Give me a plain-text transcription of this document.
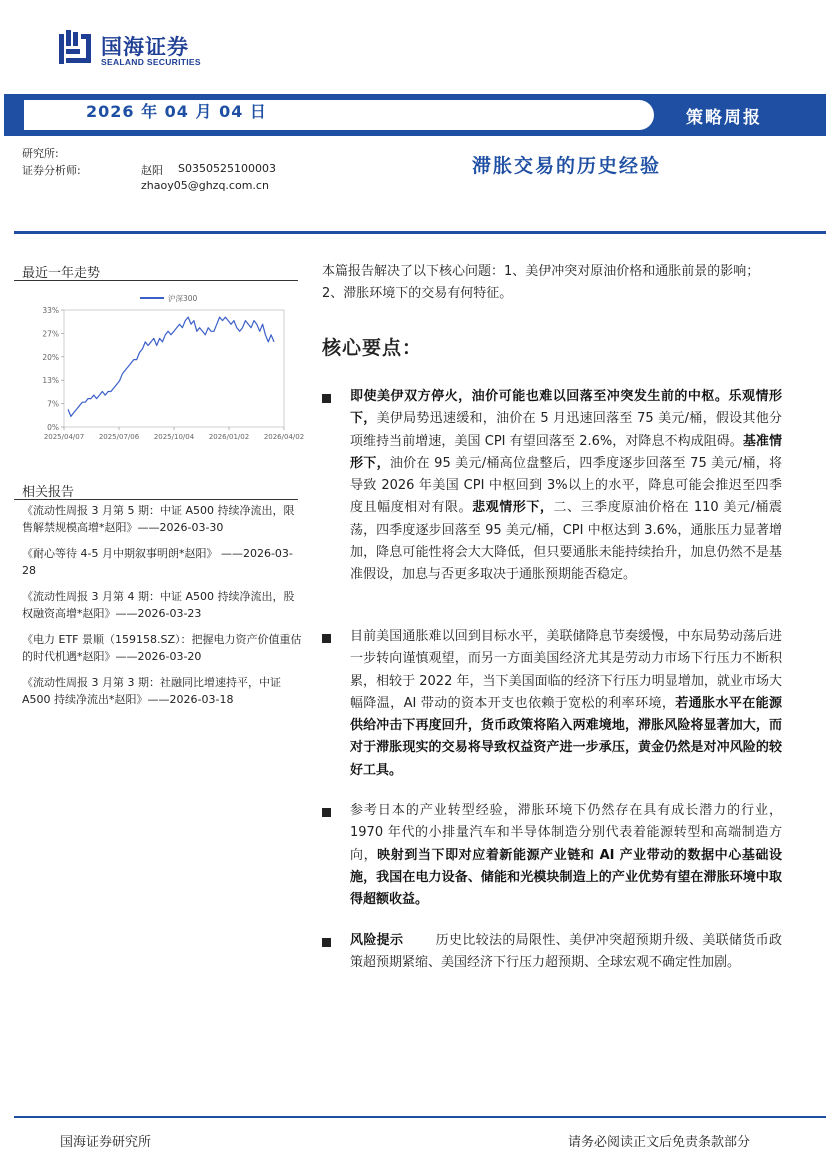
国海证券
SEALAND SECURITIES
2026 年 04 月 04 日	策略周报
研究所:
证券分析师:	赵阳 S0350525100003
zhaoy05@ghzq.com.cn
滞胀交易的历史经验
最近一年走势
0%
7%
13%
20%
27%
33%
2025/04/07 2025/07/06 2025/10/04 2026/01/02 2026/04/02
沪深300
相关报告
《流动性周报 3 月第 5 期：中证 A500 持续净流出，限售解禁规模高增*赵阳》——2026-03-30
《耐心等待 4-5 月中期叙事明朗*赵阳》 ——2026-03-28
《流动性周报 3 月第 4 期：中证 A500 持续净流出，股权融资高增*赵阳》——2026-03-23
《电力 ETF 景顺（159158.SZ）：把握电力资产价值重估的时代机遇*赵阳》——2026-03-20
《流动性周报 3 月第 3 期：社融同比增速持平，中证 A500 持续净流出*赵阳》——2026-03-18
本篇报告解决了以下核心问题：1、美伊冲突对原油价格和通胀前景的影响；2、滞胀环境下的交易有何特征。
核心要点：
即使美伊双方停火，油价可能也难以回落至冲突发生前的中枢。乐观情形下，美伊局势迅速缓和，油价在 5 月迅速回落至 75 美元/桶，假设其他分项维持当前增速，美国 CPI 有望回落至 2.6%，对降息不构成阻碍。基准情形下，油价在 95 美元/桶高位盘整后，四季度逐步回落至 75 美元/桶，将导致 2026 年美国 CPI 中枢回到 3%以上的水平，降息可能会推迟至四季度且幅度相对有限。悲观情形下，二、三季度原油价格在 110 美元/桶震荡，四季度逐步回落至 95 美元/桶，CPI 中枢达到 3.6%，通胀压力显著增加，降息可能性将会大大降低，但只要通胀未能持续抬升，加息仍然不是基准假设，加息与否更多取决于通胀预期能否稳定。
目前美国通胀难以回到目标水平，美联储降息节奏缓慢，中东局势动荡后进一步转向谨慎观望，而另一方面美国经济尤其是劳动力市场下行压力不断积累，相较于 2022 年，当下美国面临的经济下行压力明显增加，就业市场大幅降温，AI 带动的资本开支也依赖于宽松的利率环境，若通胀水平在能源供给冲击下再度回升，货币政策将陷入两难境地，滞胀风险将显著加大，而对于滞胀现实的交易将导致权益资产进一步承压，黄金仍然是对冲风险的较好工具。
参考日本的产业转型经验，滞胀环境下仍然存在具有成长潜力的行业，1970 年代的小排量汽车和半导体制造分别代表着能源转型和高端制造方向，映射到当下即对应着新能源产业链和 AI 产业带动的数据中心基础设施，我国在电力设备、储能和光模块制造上的产业优势有望在滞胀环境中取得超额收益。
风险提示 历史比较法的局限性、美伊冲突超预期升级、美联储货币政策超预期紧缩、美国经济下行压力超预期、全球宏观不确定性加剧。
国海证券研究所	请务必阅读正文后免责条款部分
